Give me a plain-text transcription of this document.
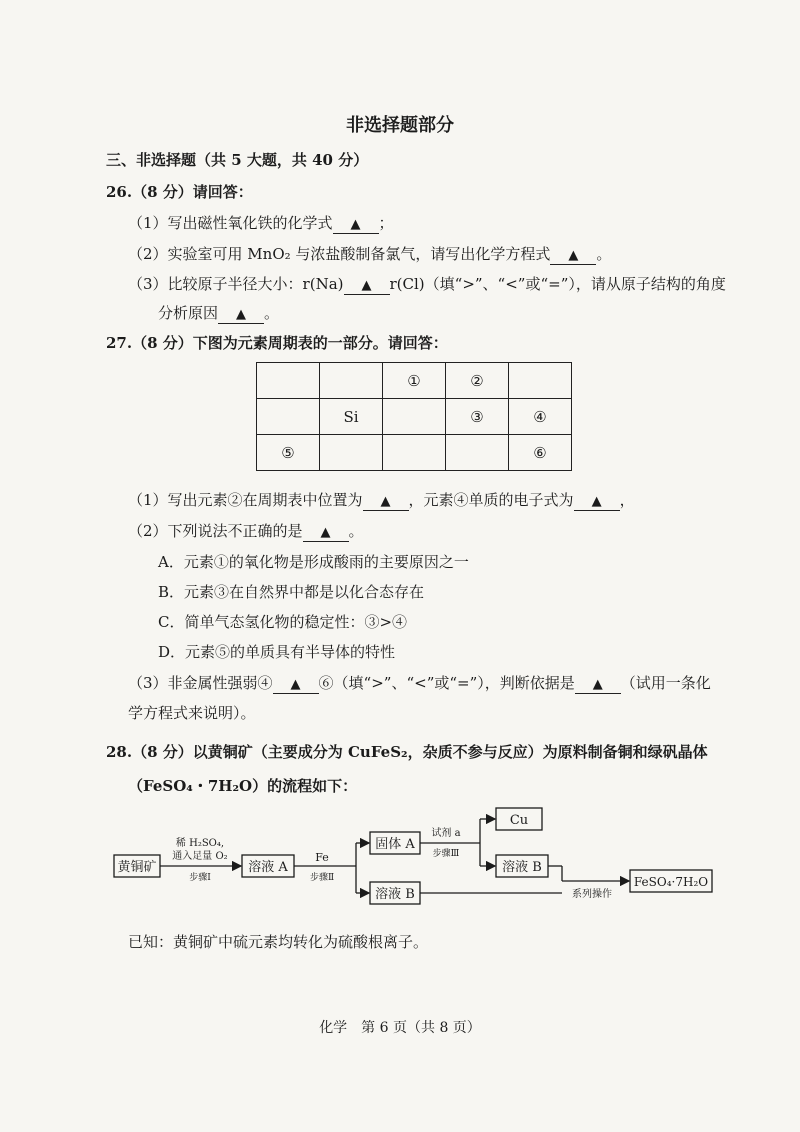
非选择题部分
三、非选择题（共 5 大题，共 40 分）
26.（8 分）请回答：
（1）写出磁性氧化铁的化学式 ▲ ；
（2）实验室可用 MnO₂ 与浓盐酸制备氯气，请写出化学方程式 ▲ 。
（3）比较原子半径大小：r(Na) ▲ r(Cl)（填“>”、“<”或“=”），请从原子结构的角度
分析原因 ▲ 。
27.（8 分）下图为元素周期表的一部分。请回答：
		①	②	
	Si		③	④
⑤				⑥
（1）写出元素②在周期表中位置为 ▲ ，元素④单质的电子式为 ▲ ，
（2）下列说法不正确的是 ▲ 。
A．元素①的氧化物是形成酸雨的主要原因之一
B．元素③在自然界中都是以化合态存在
C．简单气态氢化物的稳定性：③>④
D．元素⑤的单质具有半导体的特性
（3）非金属性强弱④ ▲ ⑥（填“>”、“<”或“=”），判断依据是 ▲ （试用一条化
学方程式来说明）。
28.（8 分）以黄铜矿（主要成分为 CuFeS₂，杂质不参与反应）为原料制备铜和绿矾晶体
（FeSO₄・7H₂O）的流程如下：
黄铜矿	溶液 A
固体 A
溶液 B
Cu
溶液 B
FeSO₄·7H₂O
稀 H₂SO₄,
通入足量 O₂
步骤Ⅰ
Fe
步骤Ⅱ
试剂 a
步骤Ⅲ
系列操作
已知：黄铜矿中硫元素均转化为硫酸根离子。
化学　第 6 页（共 8 页）
